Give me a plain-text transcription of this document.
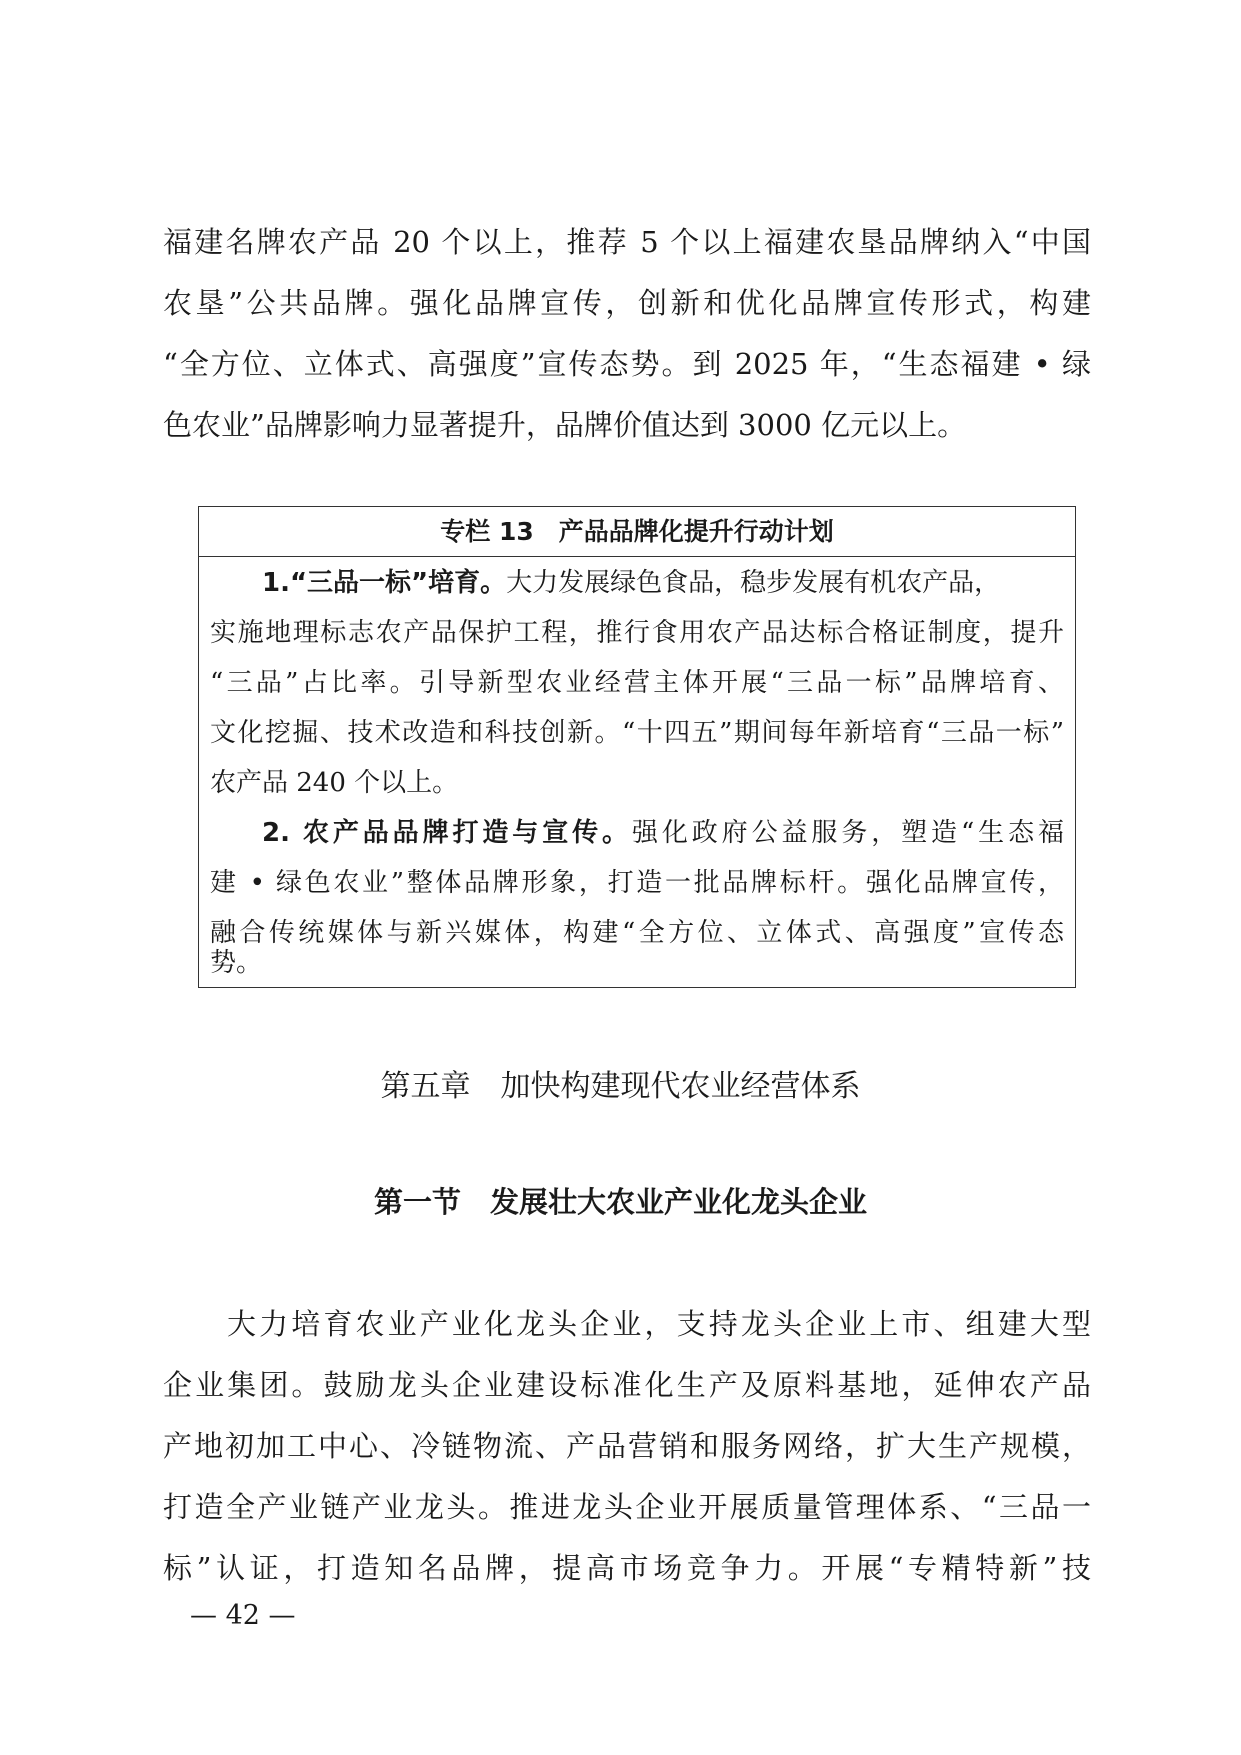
福建名牌农产品 20 个以上，推荐 5 个以上福建农垦品牌纳入“中国
农垦”公共品牌。强化品牌宣传，创新和优化品牌宣传形式，构建
“全方位、立体式、高强度”宣传态势。到 2025 年，“生态福建 • 绿
色农业”品牌影响力显著提升，品牌价值达到 3000 亿元以上。
专栏 13　产品品牌化提升行动计划
1.“三品一标”培育。大力发展绿色食品，稳步发展有机农产品，
实施地理标志农产品保护工程，推行食用农产品达标合格证制度，提升
“三品”占比率。引导新型农业经营主体开展“三品一标”品牌培育、
文化挖掘、技术改造和科技创新。“十四五”期间每年新培育“三品一标”
农产品 240 个以上。
2. 农产品品牌打造与宣传。强化政府公益服务，塑造“生态福
建 • 绿色农业”整体品牌形象，打造一批品牌标杆。强化品牌宣传，
融合传统媒体与新兴媒体，构建“全方位、立体式、高强度”宣传态
势。
第五章　加快构建现代农业经营体系
第一节　发展壮大农业产业化龙头企业
大力培育农业产业化龙头企业，支持龙头企业上市、组建大型
企业集团。鼓励龙头企业建设标准化生产及原料基地，延伸农产品
产地初加工中心、冷链物流、产品营销和服务网络，扩大生产规模，
打造全产业链产业龙头。推进龙头企业开展质量管理体系、“三品一
标”认证，打造知名品牌，提高市场竞争力。开展“专精特新”技
— 42 —
